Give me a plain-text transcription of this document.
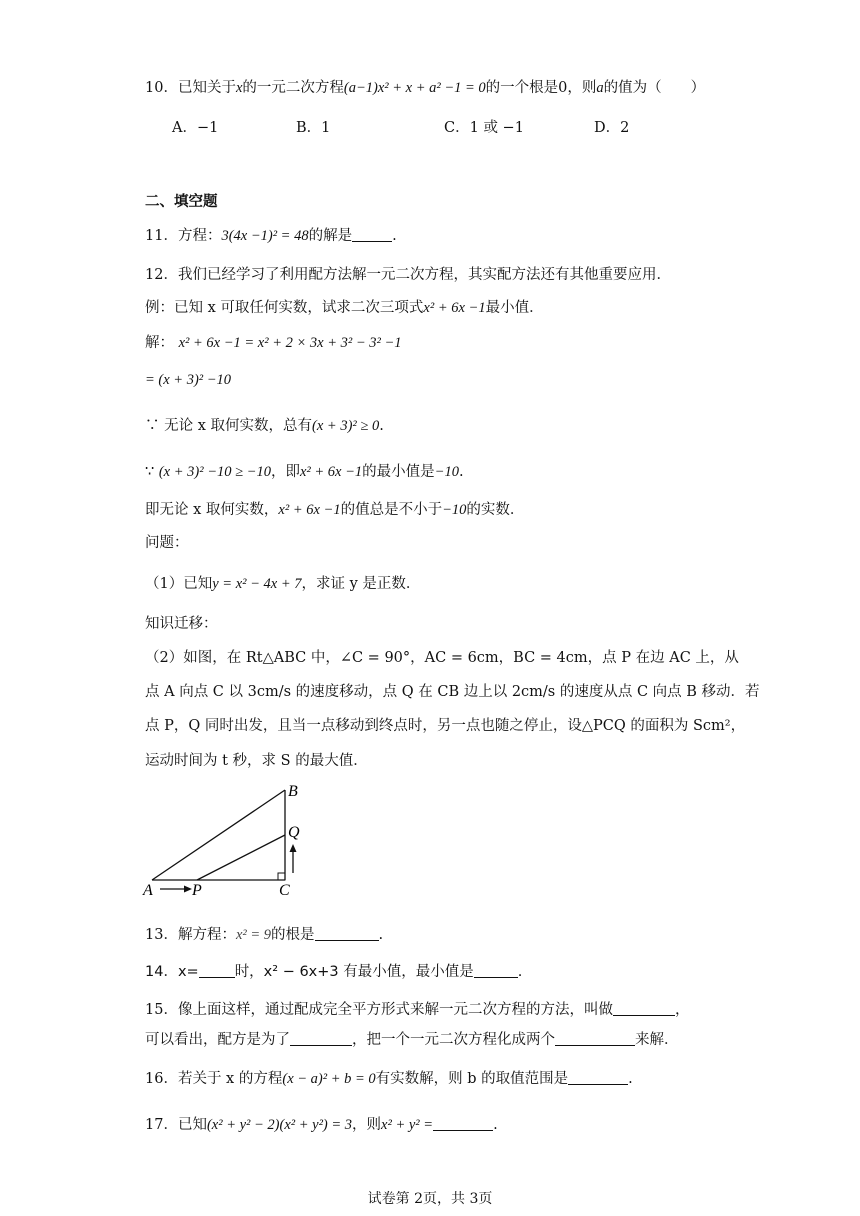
10．已知关于x的一元二次方程(a−1)x² + x + a² −1 = 0的一个根是0，则a的值为（　　）
A．−1	B．1	C．1 或 −1	D．2
二、填空题
11．方程：3(4x −1)² = 48的解是	.
12．我们已经学习了利用配方法解一元二次方程，其实配方法还有其他重要应用．
例：已知 x 可取任何实数，试求二次三项式x² + 6x −1最小值．
解： x² + 6x −1 = x² + 2 × 3x + 3² − 3² −1
= (x + 3)² −10
∵ 无论 x 取何实数，总有(x + 3)² ≥ 0.
∵ (x + 3)² −10 ≥ −10，即x² + 6x −1的最小值是−10.
即无论 x 取何实数，x² + 6x −1的值总是不小于−10的实数．
问题：
（1）已知y = x² − 4x + 7，求证 y 是正数．
知识迁移：
（2）如图，在 Rt△ABC 中，∠C = 90°，AC = 6cm，BC = 4cm，点 P 在边 AC 上，从
点 A 向点 C 以 3cm/s 的速度移动，点 Q 在 CB 边上以 2cm/s 的速度从点 C 向点 B 移动．若
点 P，Q 同时出发，且当一点移动到终点时，另一点也随之停止，设△PCQ 的面积为 Scm²，
运动时间为 t 秒，求 S 的最大值．
A P	C
B
Q
13．解方程：x² = 9的根是	.
14．x= 时，x² − 6x+3 有最小值，最小值是	.
15．像上面这样，通过配成完全平方形式来解一元二次方程的方法，叫做	，
可以看出，配方是为了	，把一个一元二次方程化成两个	来解．
16．若关于 x 的方程(x − a)² + b = 0有实数解，则 b 的取值范围是	.
17．已知(x² + y² − 2)(x² + y²) = 3，则x² + y² =	.
试卷第 2页，共 3页
